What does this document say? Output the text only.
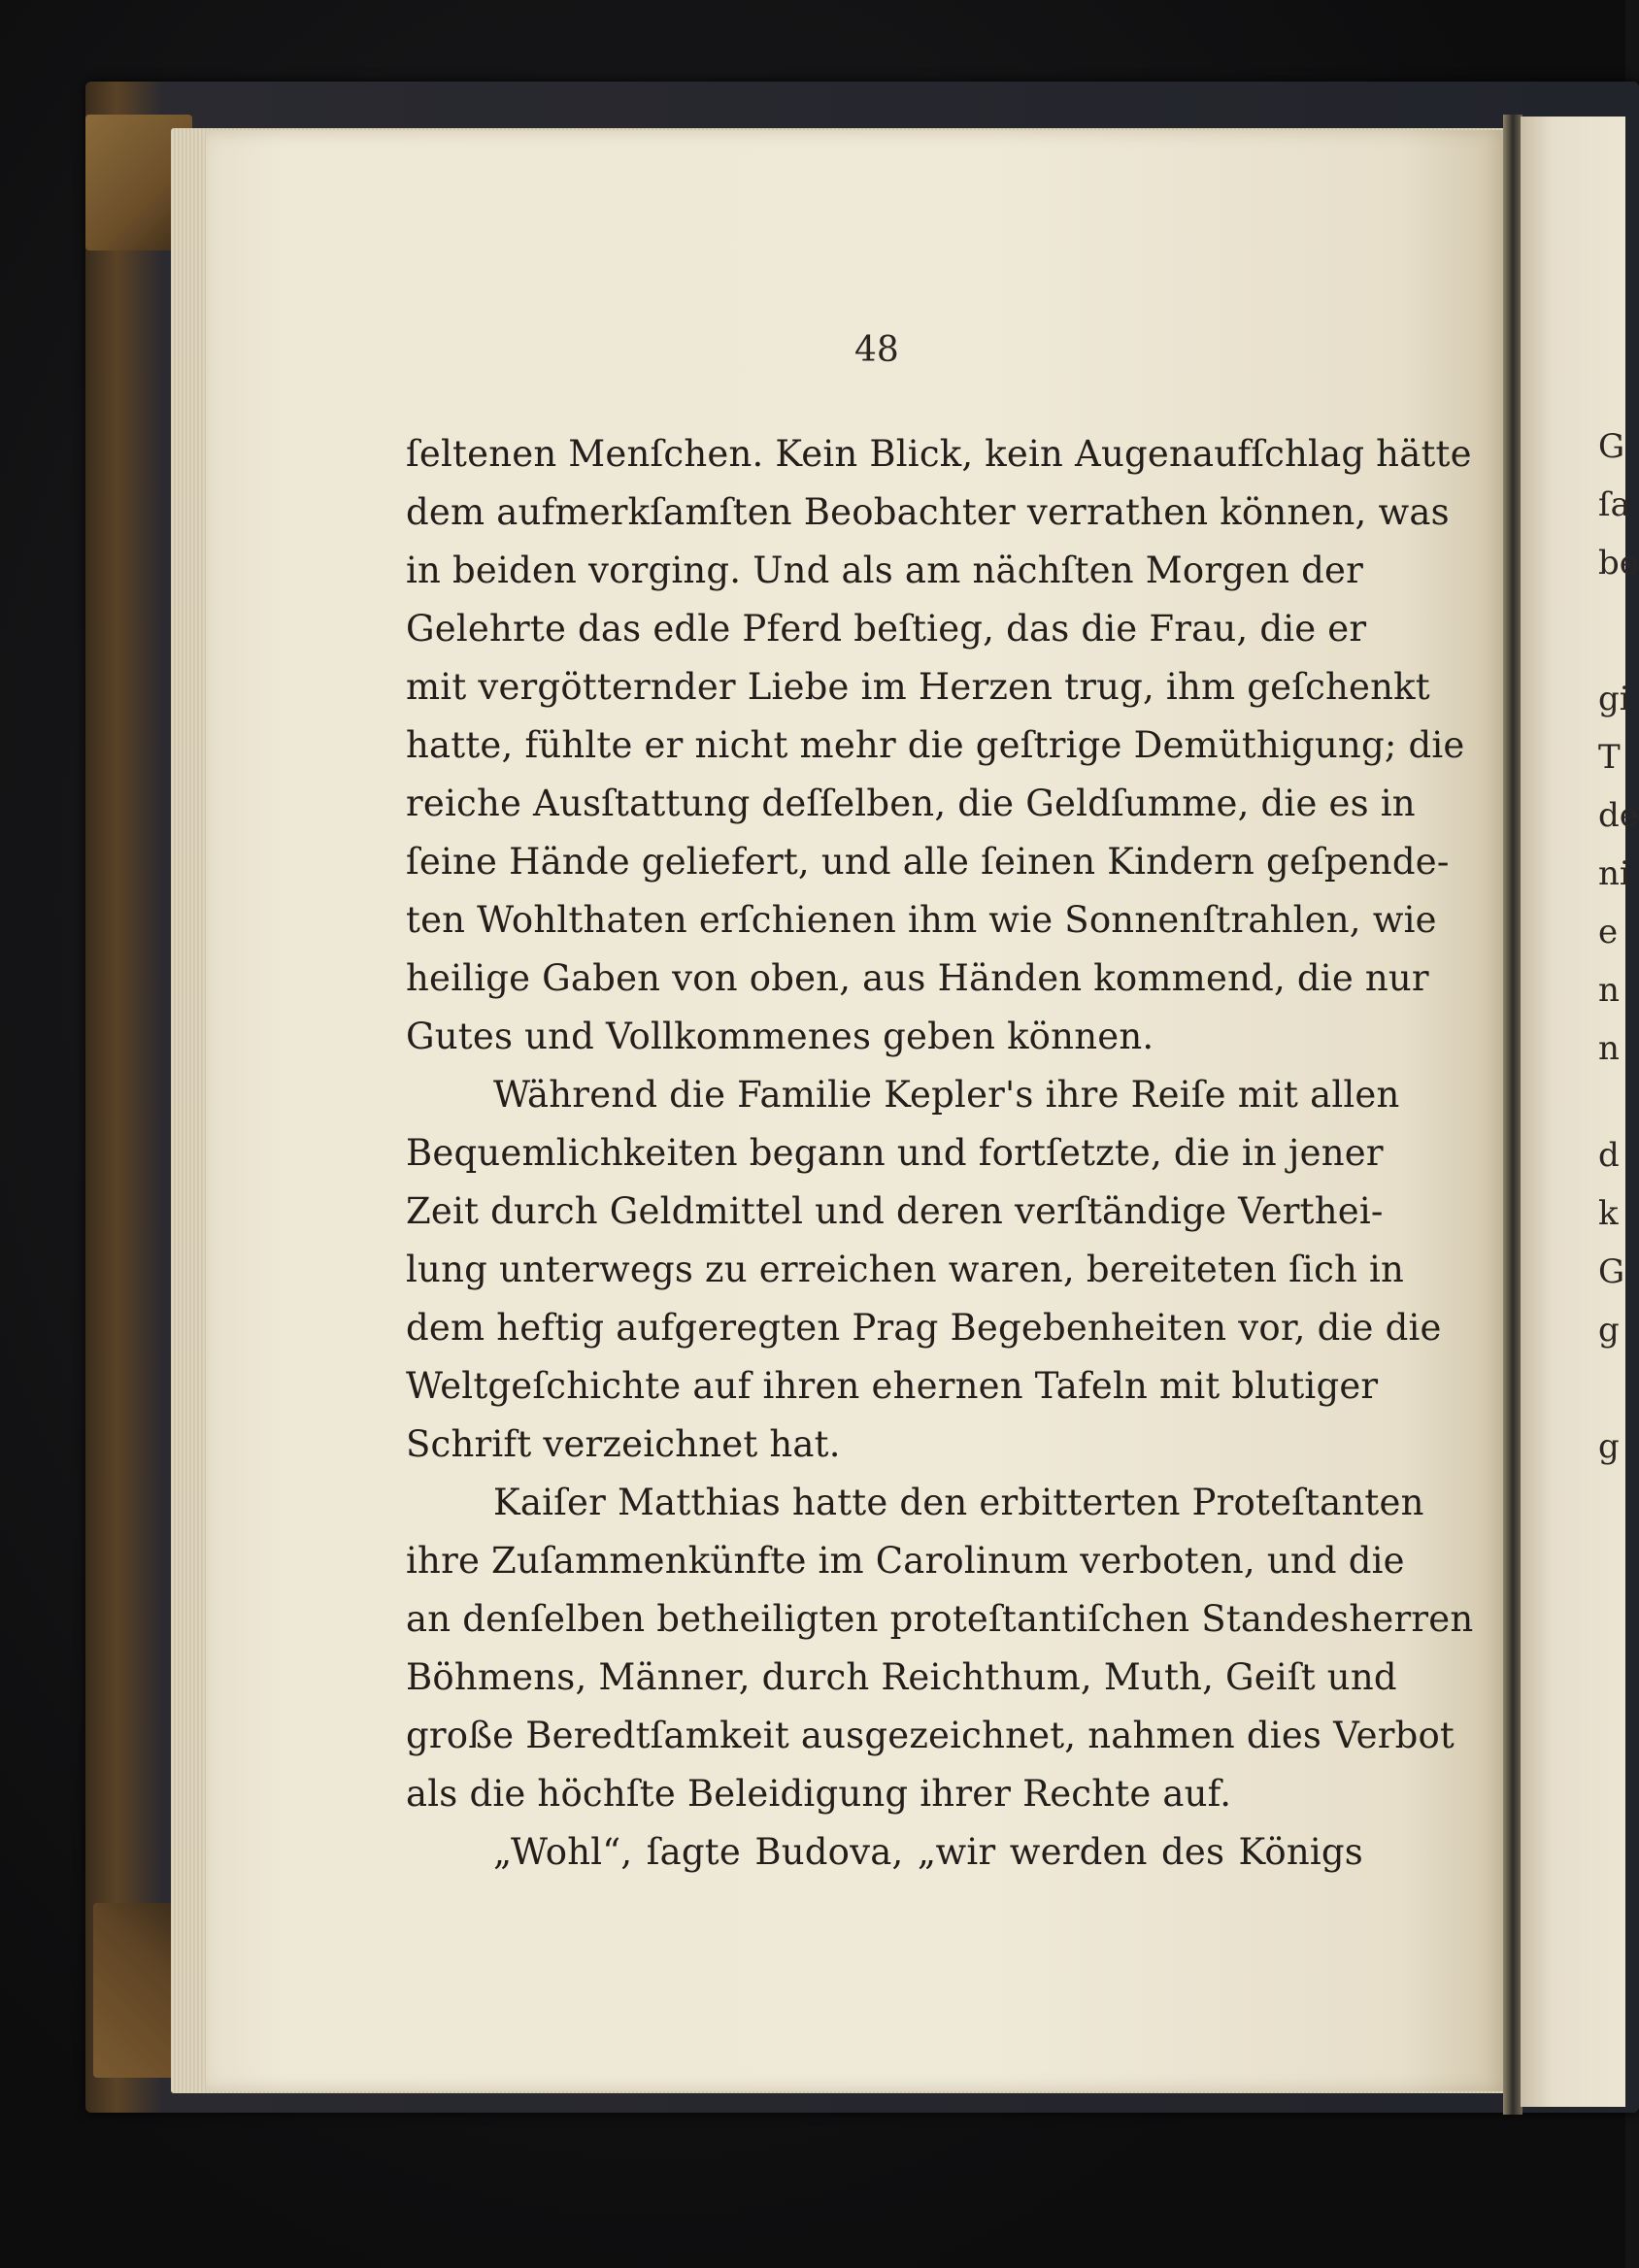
48
ſeltenen Menſchen. Kein Blick, kein Augenaufſchlag hätte
dem aufmerkſamſten Beobachter verrathen können, was
in beiden vorging. Und als am nächſten Morgen der
Gelehrte das edle Pferd beſtieg, das die Frau, die er
mit vergötternder Liebe im Herzen trug, ihm geſchenkt
hatte, fühlte er nicht mehr die geſtrige Demüthigung; die
reiche Ausſtattung deſſelben, die Geldſumme, die es in
ſeine Hände geliefert, und alle ſeinen Kindern geſpende-
ten Wohlthaten erſchienen ihm wie Sonnenſtrahlen, wie
heilige Gaben von oben, aus Händen kommend, die nur
Gutes und Vollkommenes geben können.
Während die Familie Kepler's ihre Reiſe mit allen
Bequemlichkeiten begann und fortſetzte, die in jener
Zeit durch Geldmittel und deren verſtändige Verthei-
lung unterwegs zu erreichen waren, bereiteten ſich in
dem heftig aufgeregten Prag Begebenheiten vor, die die
Weltgeſchichte auf ihren ehernen Tafeln mit blutiger
Schrift verzeichnet hat.
Kaiſer Matthias hatte den erbitterten Proteſtanten
ihre Zuſammenkünfte im Carolinum verboten, und die
an denſelben betheiligten proteſtantiſchen Standesherren
Böhmens, Männer, durch Reichthum, Muth, Geiſt und
große Beredtſamkeit ausgezeichnet, nahmen dies Verbot
als die höchſte Beleidigung ihrer Rechte auf.
„Wohl“, ſagte Budova, „wir werden des Königs
G
ſa
be
gi
T
de
ni
e
n
n
d
k
G
g
g
